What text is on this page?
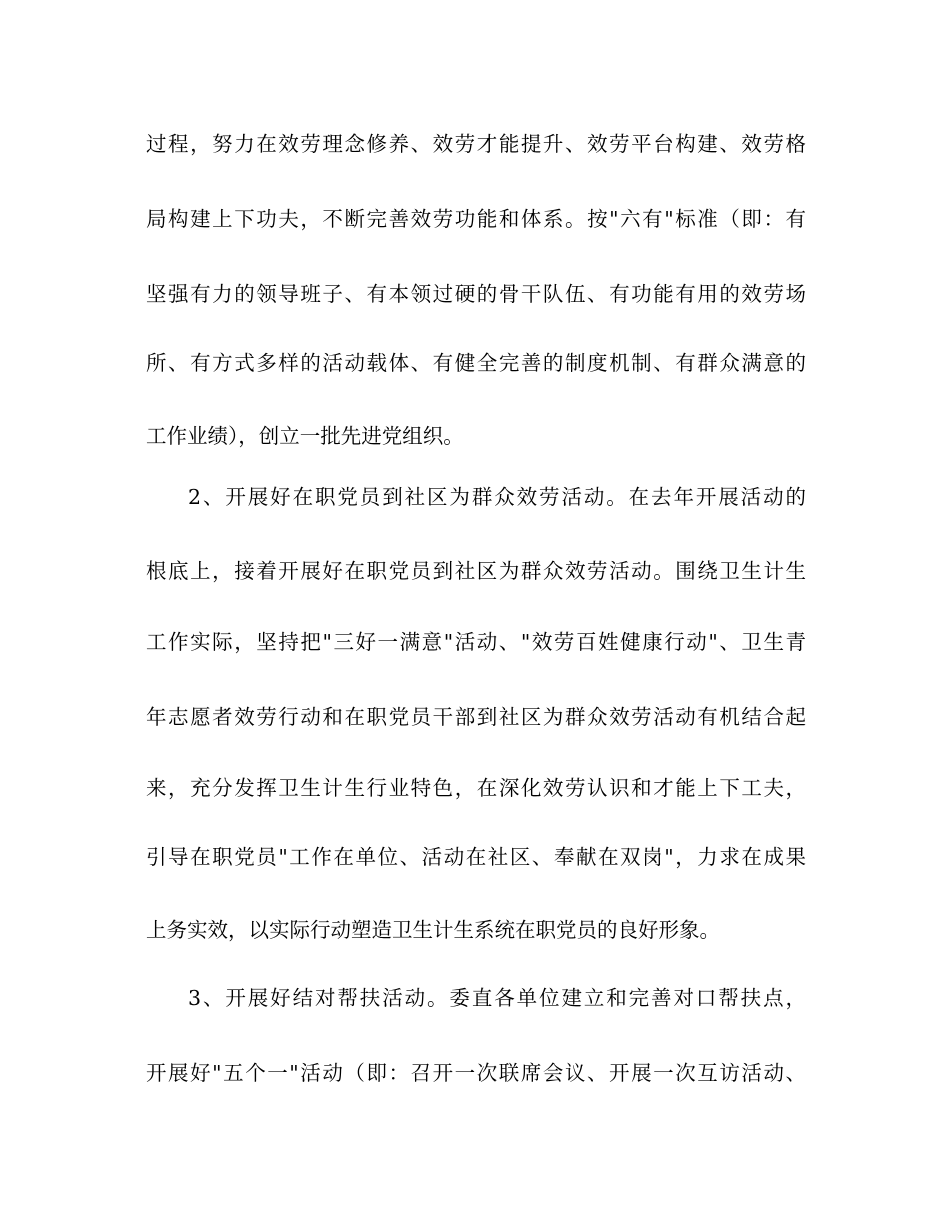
过程，努力在效劳理念修养、效劳才能提升、效劳平台构建、效劳格
局构建上下功夫，不断完善效劳功能和体系。按"六有"标准（即：有
坚强有力的领导班子、有本领过硬的骨干队伍、有功能有用的效劳场
所、有方式多样的活动载体、有健全完善的制度机制、有群众满意的
工作业绩），创立一批先进党组织。
2、开展好在职党员到社区为群众效劳活动。在去年开展活动的
根底上，接着开展好在职党员到社区为群众效劳活动。围绕卫生计生
工作实际，坚持把"三好一满意"活动、"效劳百姓健康行动"、卫生青
年志愿者效劳行动和在职党员干部到社区为群众效劳活动有机结合起
来，充分发挥卫生计生行业特色，在深化效劳认识和才能上下工夫，
引导在职党员"工作在单位、活动在社区、奉献在双岗"，力求在成果
上务实效，以实际行动塑造卫生计生系统在职党员的良好形象。
3、开展好结对帮扶活动。委直各单位建立和完善对口帮扶点，
开展好"五个一"活动（即：召开一次联席会议、开展一次互访活动、
